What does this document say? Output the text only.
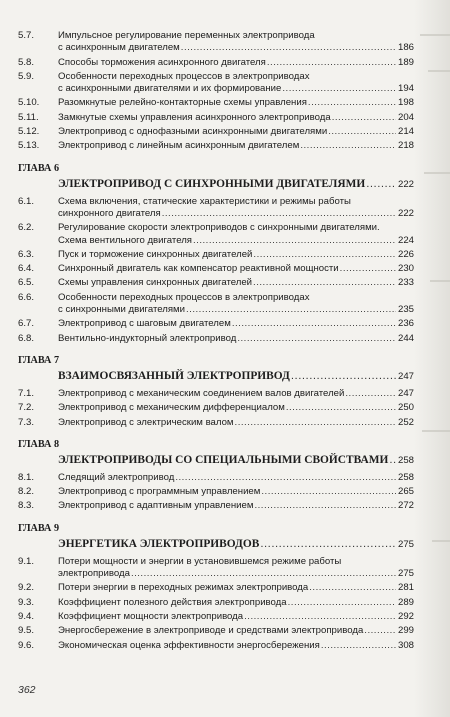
5.7. Импульсное регулирование переменных электропривода
с асинхронным двигателем .....	186
5.8. Способы торможения асинхронного двигателя .....	189
5.9. Особенности переходных процессов в электроприводах
с асинхронными двигателями и их формирование .....	194
5.10. Разомкнутые релейно-контакторные схемы управления .....	198
5.11. Замкнутые схемы управления асинхронного электропривода .....	204
5.12. Электропривод с однофазными асинхронными двигателями .....	214
5.13. Электропривод с линейным асинхронным двигателем .....	218
ГЛАВА 6
ЭЛЕКТРОПРИВОД С СИНХРОННЫМИ ДВИГАТЕЛЯМИ .....	222
6.1. Схема включения, статические характеристики и режимы работы
синхронного двигателя .....	222
6.2. Регулирование скорости электроприводов с синхронными двигателями.
Схема вентильного двигателя .....	224
6.3. Пуск и торможение синхронных двигателей .....	226
6.4. Синхронный двигатель как компенсатор реактивной мощности .....	230
6.5. Схемы управления синхронных двигателей .....	233
6.6. Особенности переходных процессов в электроприводах
с синхронными двигателями .....	235
6.7. Электропривод с шаговым двигателем .....	236
6.8. Вентильно-индукторный электропривод .....	244
ГЛАВА 7
ВЗАИМОСВЯЗАННЫЙ ЭЛЕКТРОПРИВОД .....	247
7.1. Электропривод с механическим соединением валов двигателей .....	247
7.2. Электропривод с механическим дифференциалом .....	250
7.3. Электропривод с электрическим валом .....	252
ГЛАВА 8
ЭЛЕКТРОПРИВОДЫ СО СПЕЦИАЛЬНЫМИ СВОЙСТВАМИ ..... 258
8.1. Следящий электропривод .....	258
8.2. Электропривод с программным управлением .....	265
8.3. Электропривод с адаптивным управлением .....	272
ГЛАВА 9
ЭНЕРГЕТИКА ЭЛЕКТРОПРИВОДОВ .....	275
9.1. Потери мощности и энергии в установившемся режиме работы
электропривода .....	275
9.2. Потери энергии в переходных режимах электропривода .....	281
9.3. Коэффициент полезного действия электропривода .....	289
9.4. Коэффициент мощности электропривода .....	292
9.5. Энергосбережение в электроприводе и средствами электропривода .....	299
9.6. Экономическая оценка эффективности энергосбережения .....	308
362
